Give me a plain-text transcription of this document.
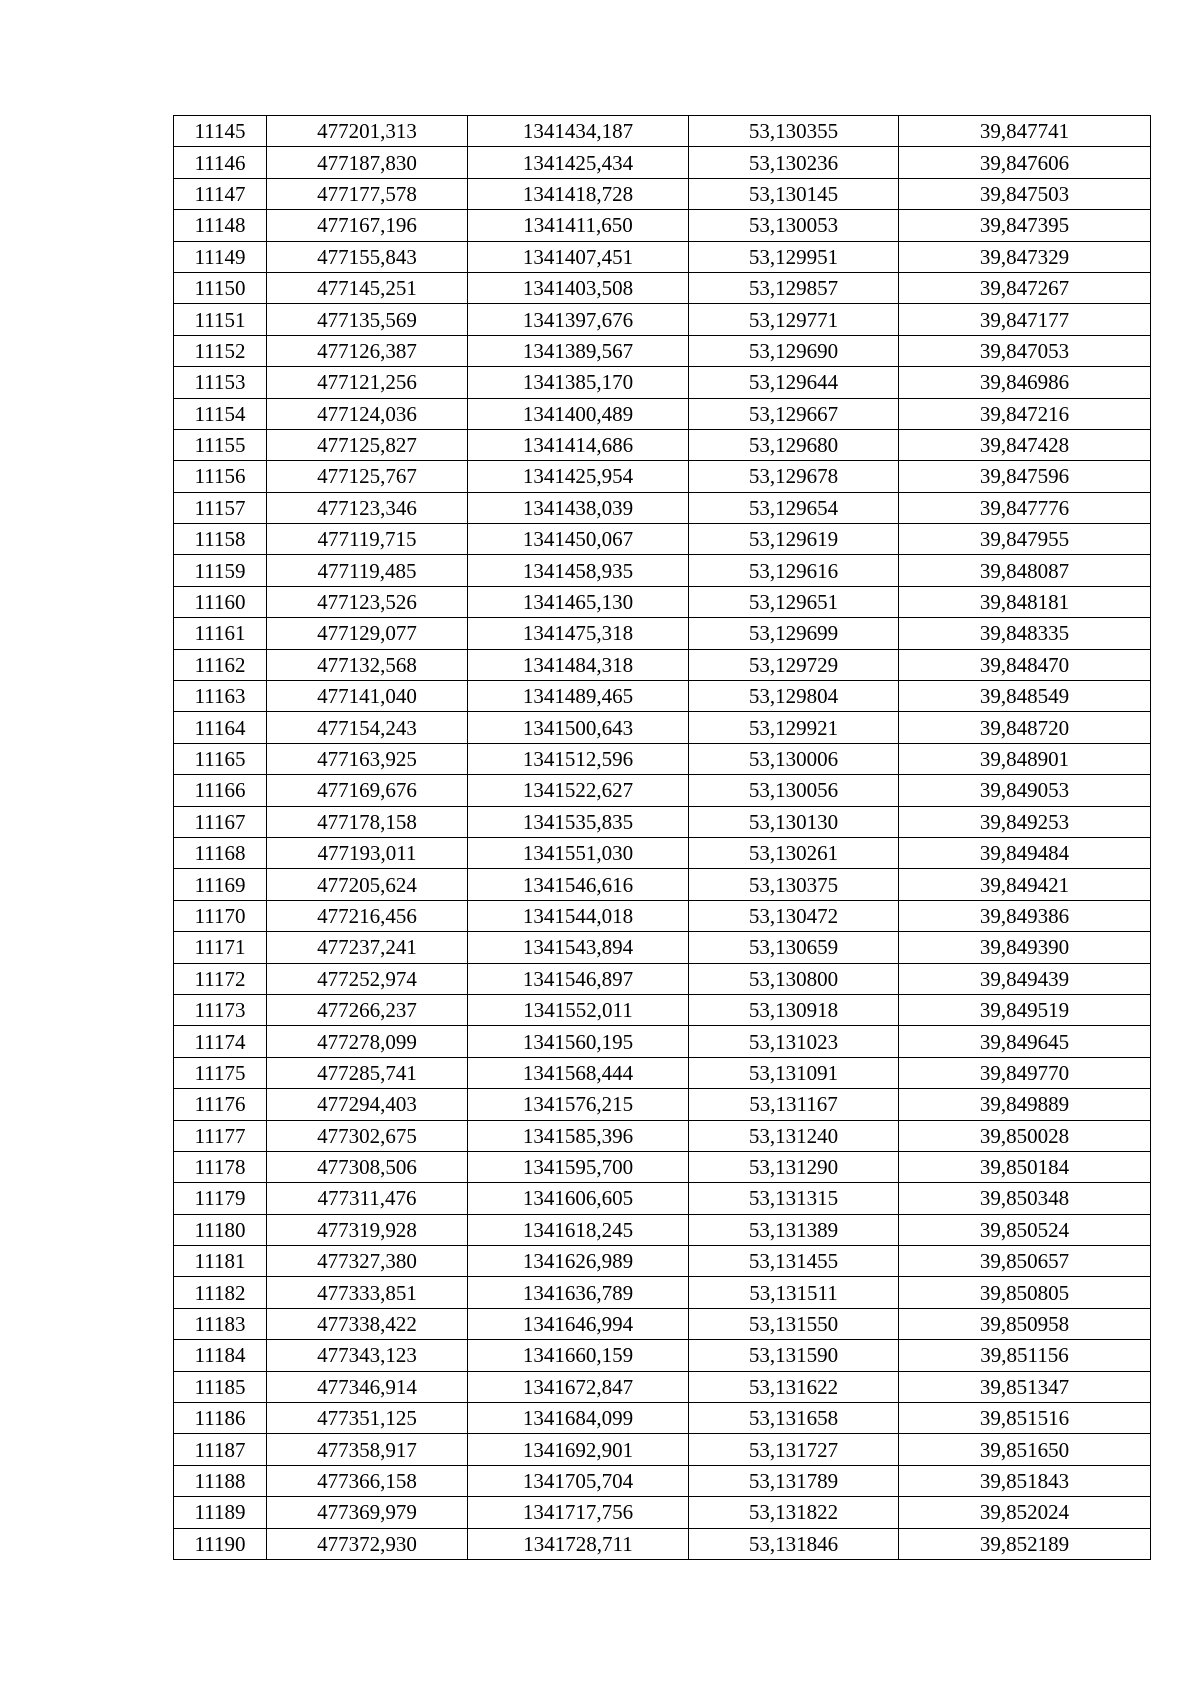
11145	477201,313	1341434,187	53,130355	39,847741
11146	477187,830	1341425,434	53,130236	39,847606
11147	477177,578	1341418,728	53,130145	39,847503
11148	477167,196	1341411,650	53,130053	39,847395
11149	477155,843	1341407,451	53,129951	39,847329
11150	477145,251	1341403,508	53,129857	39,847267
11151	477135,569	1341397,676	53,129771	39,847177
11152	477126,387	1341389,567	53,129690	39,847053
11153	477121,256	1341385,170	53,129644	39,846986
11154	477124,036	1341400,489	53,129667	39,847216
11155	477125,827	1341414,686	53,129680	39,847428
11156	477125,767	1341425,954	53,129678	39,847596
11157	477123,346	1341438,039	53,129654	39,847776
11158	477119,715	1341450,067	53,129619	39,847955
11159	477119,485	1341458,935	53,129616	39,848087
11160	477123,526	1341465,130	53,129651	39,848181
11161	477129,077	1341475,318	53,129699	39,848335
11162	477132,568	1341484,318	53,129729	39,848470
11163	477141,040	1341489,465	53,129804	39,848549
11164	477154,243	1341500,643	53,129921	39,848720
11165	477163,925	1341512,596	53,130006	39,848901
11166	477169,676	1341522,627	53,130056	39,849053
11167	477178,158	1341535,835	53,130130	39,849253
11168	477193,011	1341551,030	53,130261	39,849484
11169	477205,624	1341546,616	53,130375	39,849421
11170	477216,456	1341544,018	53,130472	39,849386
11171	477237,241	1341543,894	53,130659	39,849390
11172	477252,974	1341546,897	53,130800	39,849439
11173	477266,237	1341552,011	53,130918	39,849519
11174	477278,099	1341560,195	53,131023	39,849645
11175	477285,741	1341568,444	53,131091	39,849770
11176	477294,403	1341576,215	53,131167	39,849889
11177	477302,675	1341585,396	53,131240	39,850028
11178	477308,506	1341595,700	53,131290	39,850184
11179	477311,476	1341606,605	53,131315	39,850348
11180	477319,928	1341618,245	53,131389	39,850524
11181	477327,380	1341626,989	53,131455	39,850657
11182	477333,851	1341636,789	53,131511	39,850805
11183	477338,422	1341646,994	53,131550	39,850958
11184	477343,123	1341660,159	53,131590	39,851156
11185	477346,914	1341672,847	53,131622	39,851347
11186	477351,125	1341684,099	53,131658	39,851516
11187	477358,917	1341692,901	53,131727	39,851650
11188	477366,158	1341705,704	53,131789	39,851843
11189	477369,979	1341717,756	53,131822	39,852024
11190	477372,930	1341728,711	53,131846	39,852189
